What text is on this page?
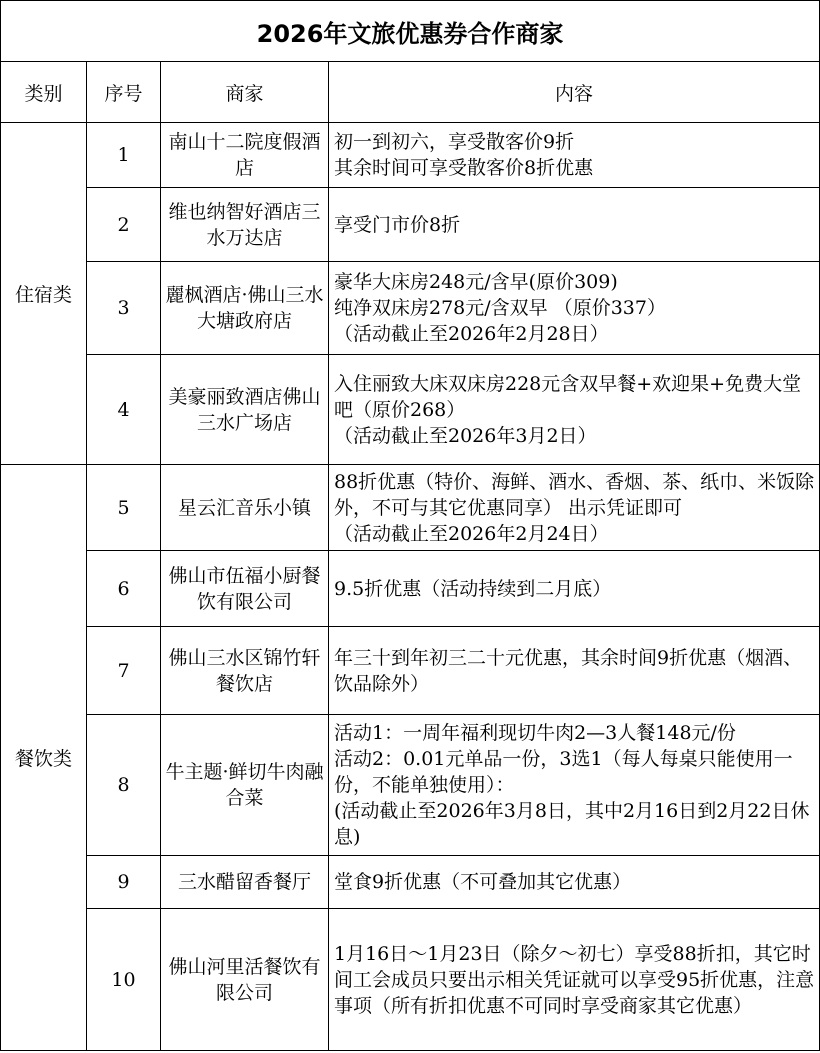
2026年文旅优惠券合作商家			
类别	序号	商家	内容
住宿类	1	南山十二院度假酒店	初一到初六，享受散客价9折
其余时间可享受散客价8折优惠

	2	维也纳智好酒店三水万达店	享受门市价8折

	3	麗枫酒店·佛山三水大塘政府店	豪华大床房248元/含早(原价309)
纯净双床房278元/含双早 （原价337）
（活动截止至2026年2月28日）

	4	美豪丽致酒店佛山三水广场店	入住丽致大床双床房228元含双早餐+欢迎果+免费大堂吧（原价268）
（活动截止至2026年3月2日）

餐饮类	5	星云汇音乐小镇	88折优惠（特价、海鲜、酒水、香烟、茶、纸巾、米饭除外，不可与其它优惠同享） 出示凭证即可
（活动截止至2026年2月24日）

	6	佛山市伍福小厨餐饮有限公司	9.5折优惠（活动持续到二月底）

	7	佛山三水区锦竹轩餐饮店	年三十到年初三二十元优惠，其余时间9折优惠（烟酒、饮品除外）

	8	牛主题·鲜切牛肉融合菜	活动1：一周年福利现切牛肉2—3人餐148元/份
活动2：0.01元单品一份，3选1（每人每桌只能使用一份，不能单独使用）：
(活动截止至2026年3月8日，其中2月16日到2月22日休息)

	9	三水醋留香餐厅	堂食9折优惠（不可叠加其它优惠）

	10	佛山河里活餐饮有限公司	1月16日～1月23日（除夕～初七）享受88折扣，其它时间工会成员只要出示相关凭证就可以享受95折优惠，注意事项（所有折扣优惠不可同时享受商家其它优惠）
